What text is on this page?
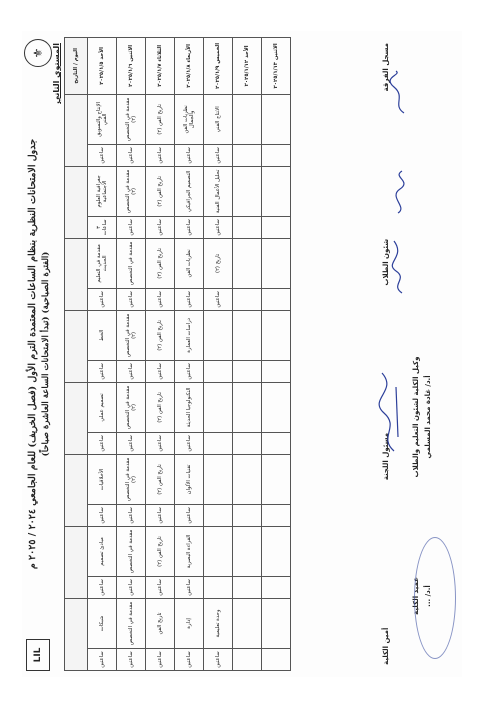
LIL
⚜
جدول الامتحانات النظرية بنظام الساعات المعتمدة الترم الأول (فصل الخريف) للعام الجامعي ٢٠٢٤ / ٢٠٢٥ م (الفترة الصباحية) (تبدأ الامتحانات الساعة العاشرة صباحاً)
المستوى الثاني اليوم / التاريخ																
الأحد ٢٠٢٥/١/٥	الإنتاج والتسويق الفني	ساعتين	جغرافية العلوم الاجتماعية	٣ ساعات	مقدمة في التعليم الحديث	ساعتين	الخط	ساعتين	تصميم عملي	ساعتين	الأخلاقيات	ساعتين	مبادئ تصميم	ساعتين	شبكات	ساعتين
الاثنين ٢٠٢٥/١/٦	مقدمة في التخصص (٢)	ساعتين	مقدمة في التخصص (٢)	ساعتين	مقدمة في التخصص	ساعتين	مقدمة في التخصص (٢)	ساعتين	مقدمة في التخصص (٢)	ساعتين	مقدمة في التخصص (٢)	ساعتين	مقدمة في التخصص	ساعتين	مقدمة في التخصص	ساعتين
الثلاثاء ٢٠٢٥/١/٧	تاريخ الفن (٢)	ساعتين	تاريخ الفن (٢)	ساعتين	تاريخ الفن (٢)	ساعتين	تاريخ الفن (٢)	ساعتين	تاريخ الفن (٢)	ساعتين	تاريخ الفن (٢)	ساعتين	تاريخ الفن (٢)	ساعتين	تاريخ الفن	ساعتين
الأربعاء ٢٠٢٥/١/٨	نظريات الفن والجمال	ساعتين	التصميم الجرافيكي	ساعتين	نظريات الفن	ساعتين	دراسات العمارة	ساعتين	التكنولوجيا الحديثة	ساعتين	تقنيات الألوان	ساعتين	القراءة البصرية	ساعتين	إدارة	ساعتين
الخميس ٢٠٢٥/١/٩	الانتاج الفني	ساعتين	تحليل الأعمال الفنية	ساعتين	تاريخ (٢)	ساعتين									وحدة تعليمية	ساعتين
الأحد ٢٠٢٥/١/١٢																
الاثنين ٢٠٢٥/١/١٣																	مسجل الفرقة
شئون الطلاب
مسئول اللجنة
أمين الكلية
وكيل الكلية لشئون التعليم والطلاب أ.د/ غادة محمد المسلمي
عميد الكلية أ.د/ ...
